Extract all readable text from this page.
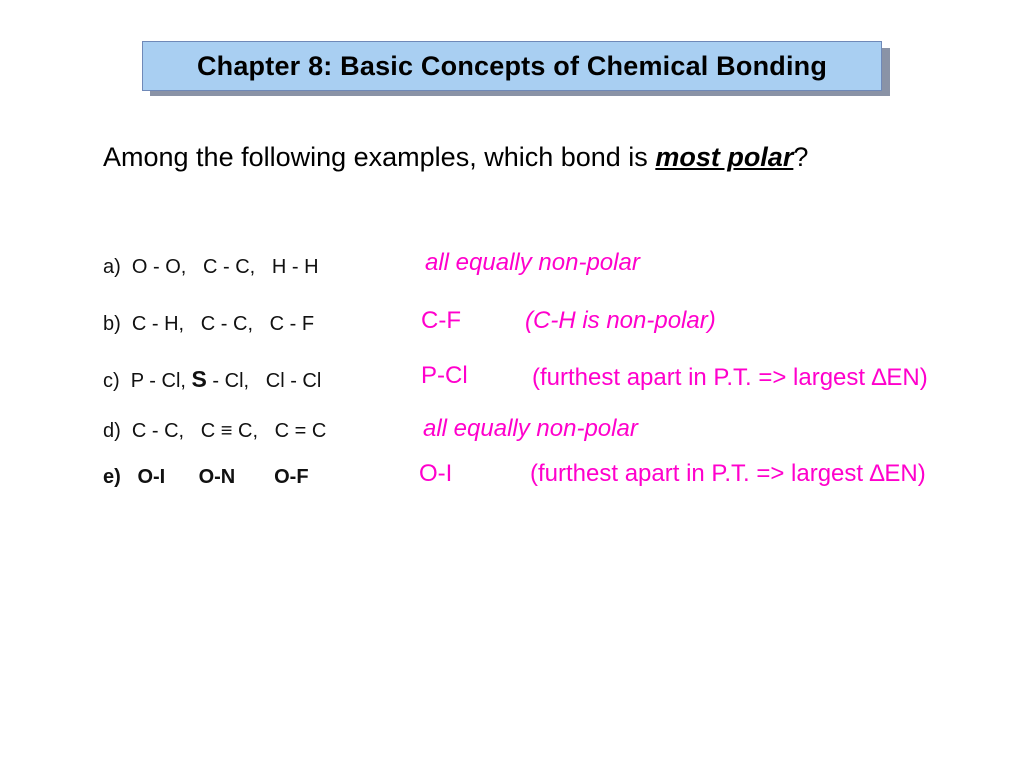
Chapter 8: Basic Concepts of Chemical Bonding
Among the following examples, which bond is most polar?
a)  O - O,   C - C,   H - H	all equally non-polar
b)  C - H,   C - C,   C - F	C-F	(C-H is non-polar)
c)  P - Cl, S - Cl,   Cl - Cl	P-Cl	(furthest apart in P.T. => largest ∆EN)
d)  C - C,   C ≡ C,   C = C	all equally non-polar
e)   O-I      O-N       O-F	O-I	(furthest apart in P.T. => largest ∆EN)
